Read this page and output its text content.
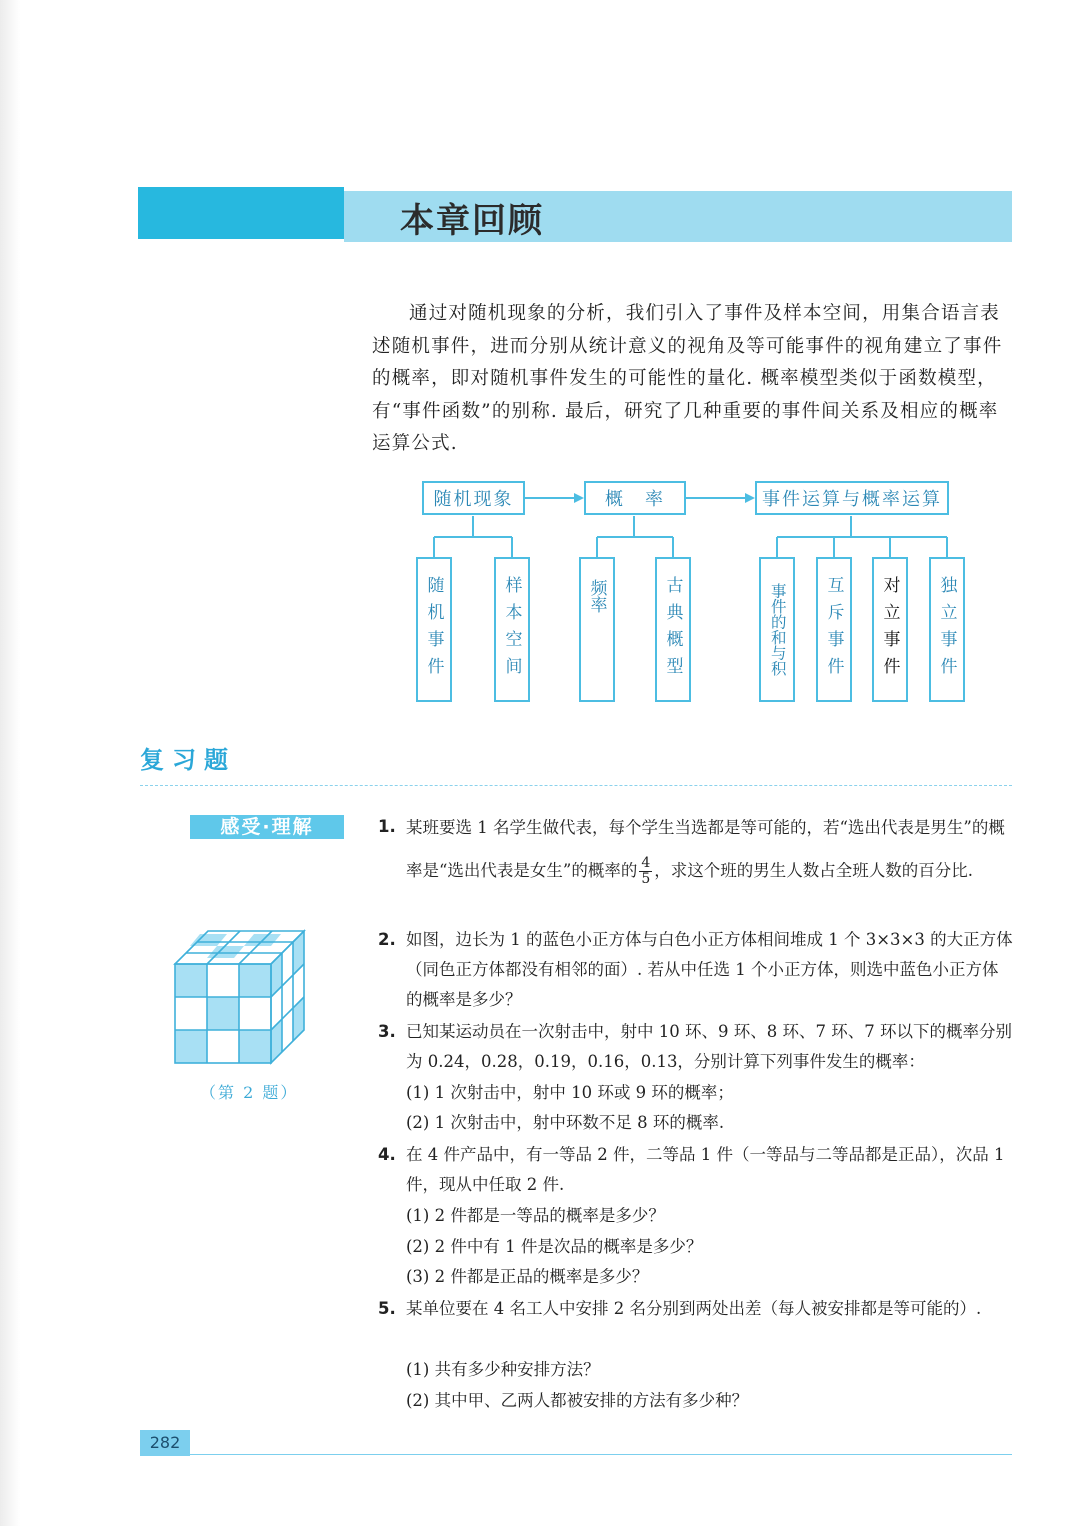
本章回顾
通过对随机现象的分析，我们引入了事件及样本空间，用集合语言表述随机事件，进而分别从统计意义的视角及等可能事件的视角建立了事件的概率，即对随机事件发生的可能性的量化. 概率模型类似于函数模型，有“事件函数”的别称. 最后，研究了几种重要的事件间关系及相应的概率运算公式.
随机现象	概　率	事件运算与概率运算
随机事件	样本空间	频率	古典概型	事件的和与积	互斥事件	对立事件	独立事件
复习题
感受·理解
（第 2 题）
1. 某班要选 1 名学生做代表，每个学生当选都是等可能的，若“选出代表是男生”的概率是“选出代表是女生”的概率的 $\frac{4}{5}$ ，求这个班的男生人数占全班人数的百分比.
2. 如图，边长为 1 的蓝色小正方体与白色小正方体相间堆成 1 个 3×3×3 的大正方体（同色正方体都没有相邻的面）. 若从中任选 1 个小正方体，则选中蓝色小正方体的概率是多少？
3. 已知某运动员在一次射击中，射中 10 环、9 环、8 环、7 环、7 环以下的概率分别为 0.24，0.28，0.19，0.16，0.13，分别计算下列事件发生的概率：
(1) 1 次射击中，射中 10 环或 9 环的概率；
(2) 1 次射击中，射中环数不足 8 环的概率.
4. 在 4 件产品中，有一等品 2 件，二等品 1 件（一等品与二等品都是正品），次品 1 件，现从中任取 2 件.
(1) 2 件都是一等品的概率是多少？
(2) 2 件中有 1 件是次品的概率是多少？
(3) 2 件都是正品的概率是多少？
5. 某单位要在 4 名工人中安排 2 名分别到两处出差（每人被安排都是等可能的）.
(1) 共有多少种安排方法？
(2) 其中甲、乙两人都被安排的方法有多少种？
282
